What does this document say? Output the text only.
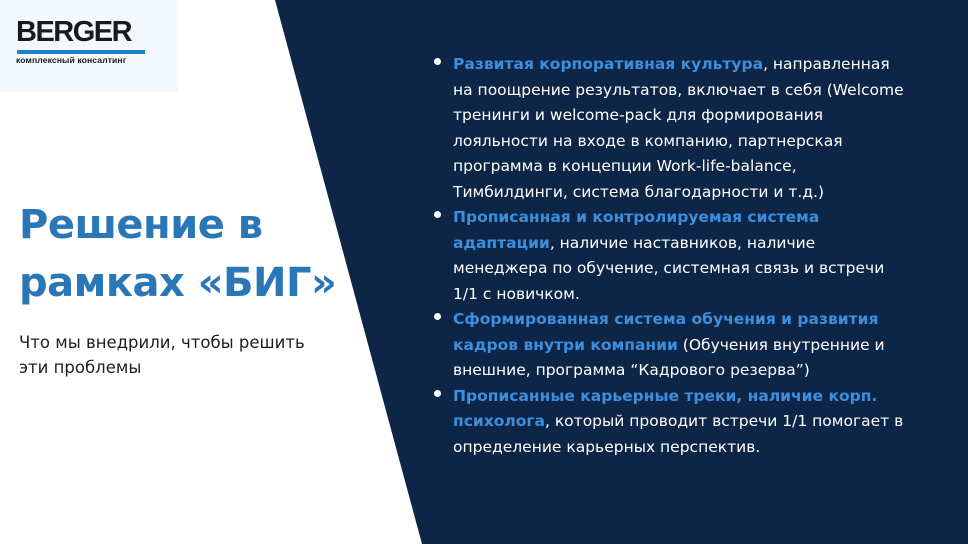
BERGER
комплексный консалтинг
Решение в рамках «БИГ»
Что мы внедрили, чтобы решить эти проблемы
Развитая корпоративная культура, направленная на поощрение результатов, включает в себя (Welcome тренинги и welcome-pack для формирования лояльности на входе в компанию, партнерская программа в концепции Work-life-balance, Тимбилдинги, система благодарности и т.д.)
Прописанная и контролируемая система адаптации, наличие наставников, наличие менеджера по обучение, системная связь и встречи 1/1 с новичком.
Сформированная система обучения и развития кадров внутри компании (Обучения внутренние и внешние, программа “Кадрового резерва”)
Прописанные карьерные треки, наличие корп. психолога, который проводит встречи 1/1 помогает в определение карьерных перспектив.
